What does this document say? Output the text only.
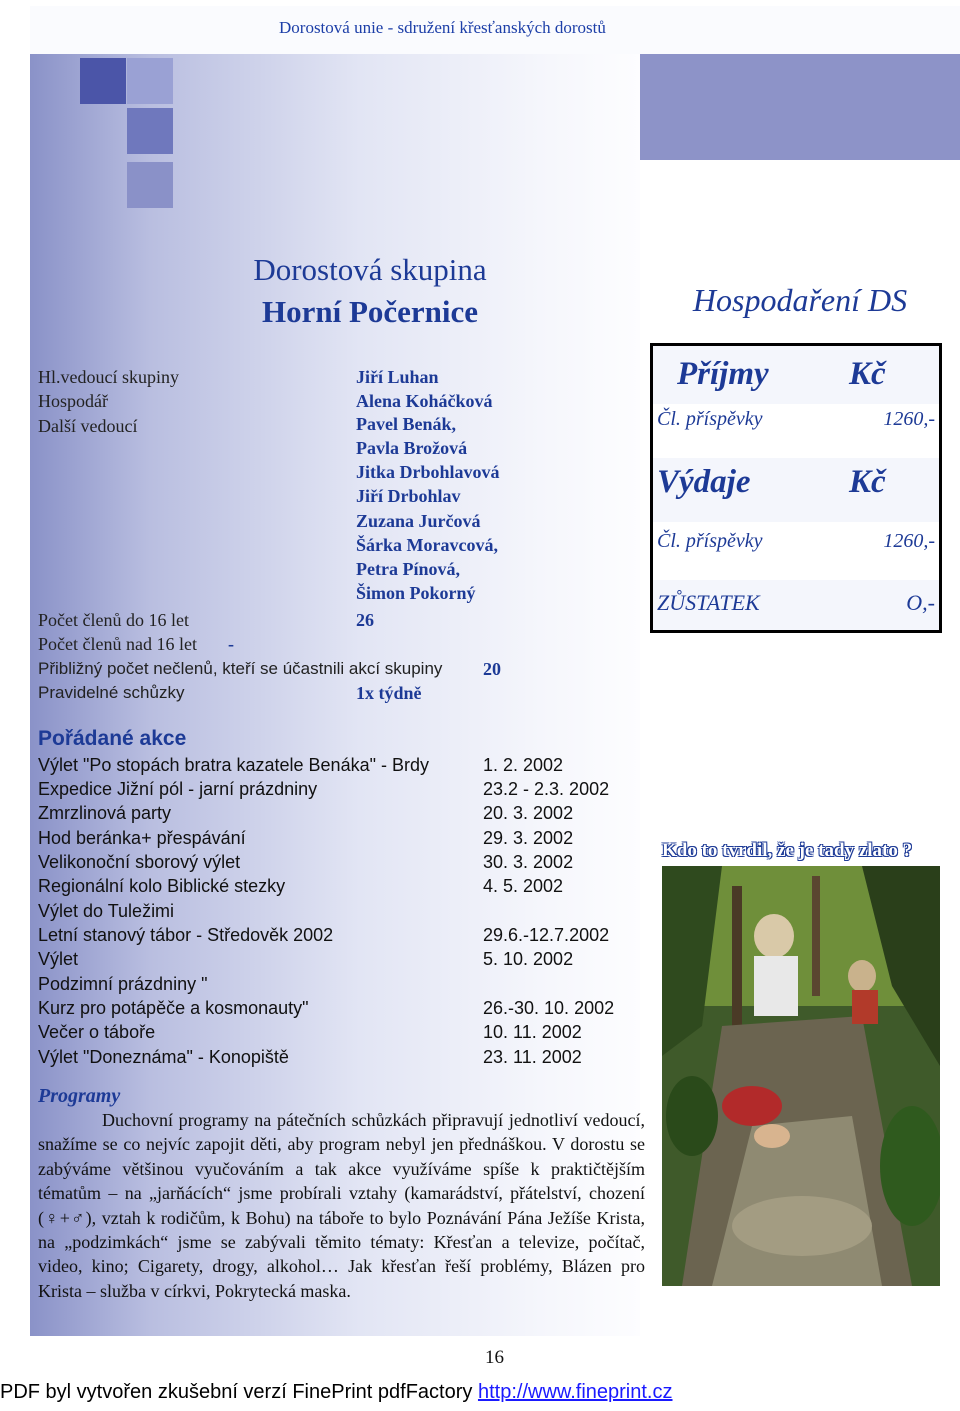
Dorostová unie - sdružení křesťanských dorostů
Dorostová skupina
Horní Počernice	Hospodaření DS
Hl.vedoucí skupiny	Jiří Luhan
Hospodář	Alena Koháčková
Další vedoucí	Pavel Benák,
Pavla Brožová
Jitka Drbohlavová
Jiří Drbohlav
Zuzana Jurčová
Šárka Moravcová,
Petra Pínová,
Šimon Pokorný
Počet členů do 16 let	26
Počet členů nad 16 let -
Přibližný počet nečlenů, kteří se účastnili akcí skupiny 20
Pravidelné schůzky	1x týdně
Pořádané akce
Výlet "Po stopách bratra kazatele Benáka" - Brdy	1. 2. 2002
Expedice Jižní pól - jarní prázdniny	23.2 - 2.3. 2002
Zmrzlinová party	20. 3. 2002
Hod beránka+ přespávání	29. 3. 2002
Velikonoční sborový výlet	30. 3. 2002
Regionální kolo Biblické stezky	4. 5. 2002
Výlet do Tuležimi
Letní stanový tábor - Středověk 2002	29.6.-12.7.2002
Výlet	5. 10. 2002
Podzimní prázdniny "
Kurz pro potápěče a kosmonauty"	26.-30. 10. 2002
Večer o táboře	10. 11. 2002
Výlet "Doneznáma" - Konopiště	23. 11. 2002
Programy
Duchovní programy na pátečních schůzkách připravují jednotliví vedoucí, snažíme se co nejvíc zapojit děti, aby program nebyl jen přednáškou. V dorostu se zabýváme většinou vyučováním a tak akce využíváme spíše k praktičtějším tématům – na „jarňácích“ jsme probírali vztahy (kamarádství, přátelství, chození (♀+♂), vztah k rodičům, k Bohu) na táboře to bylo Poznávání Pána Ježíše Krista, na „podzimkách“ jsme se zabývali těmito tématy: Křesťan a televize, počítač, video, kino; Cigarety, drogy, alkohol… Jak křesťan řeší problémy, Blázen pro Krista – služba v církvi, Pokrytecká maska.
Příjmy Kč
Čl. příspěvky	1260,-
Výdaje	Kč
Čl. příspěvky	1260,-
ZŮSTATEK	O,-
Kdo to tvrdil, že je tady zlato ?
16
PDF byl vytvořen zkušební verzí FinePrint pdfFactory http://www.fineprint.cz
